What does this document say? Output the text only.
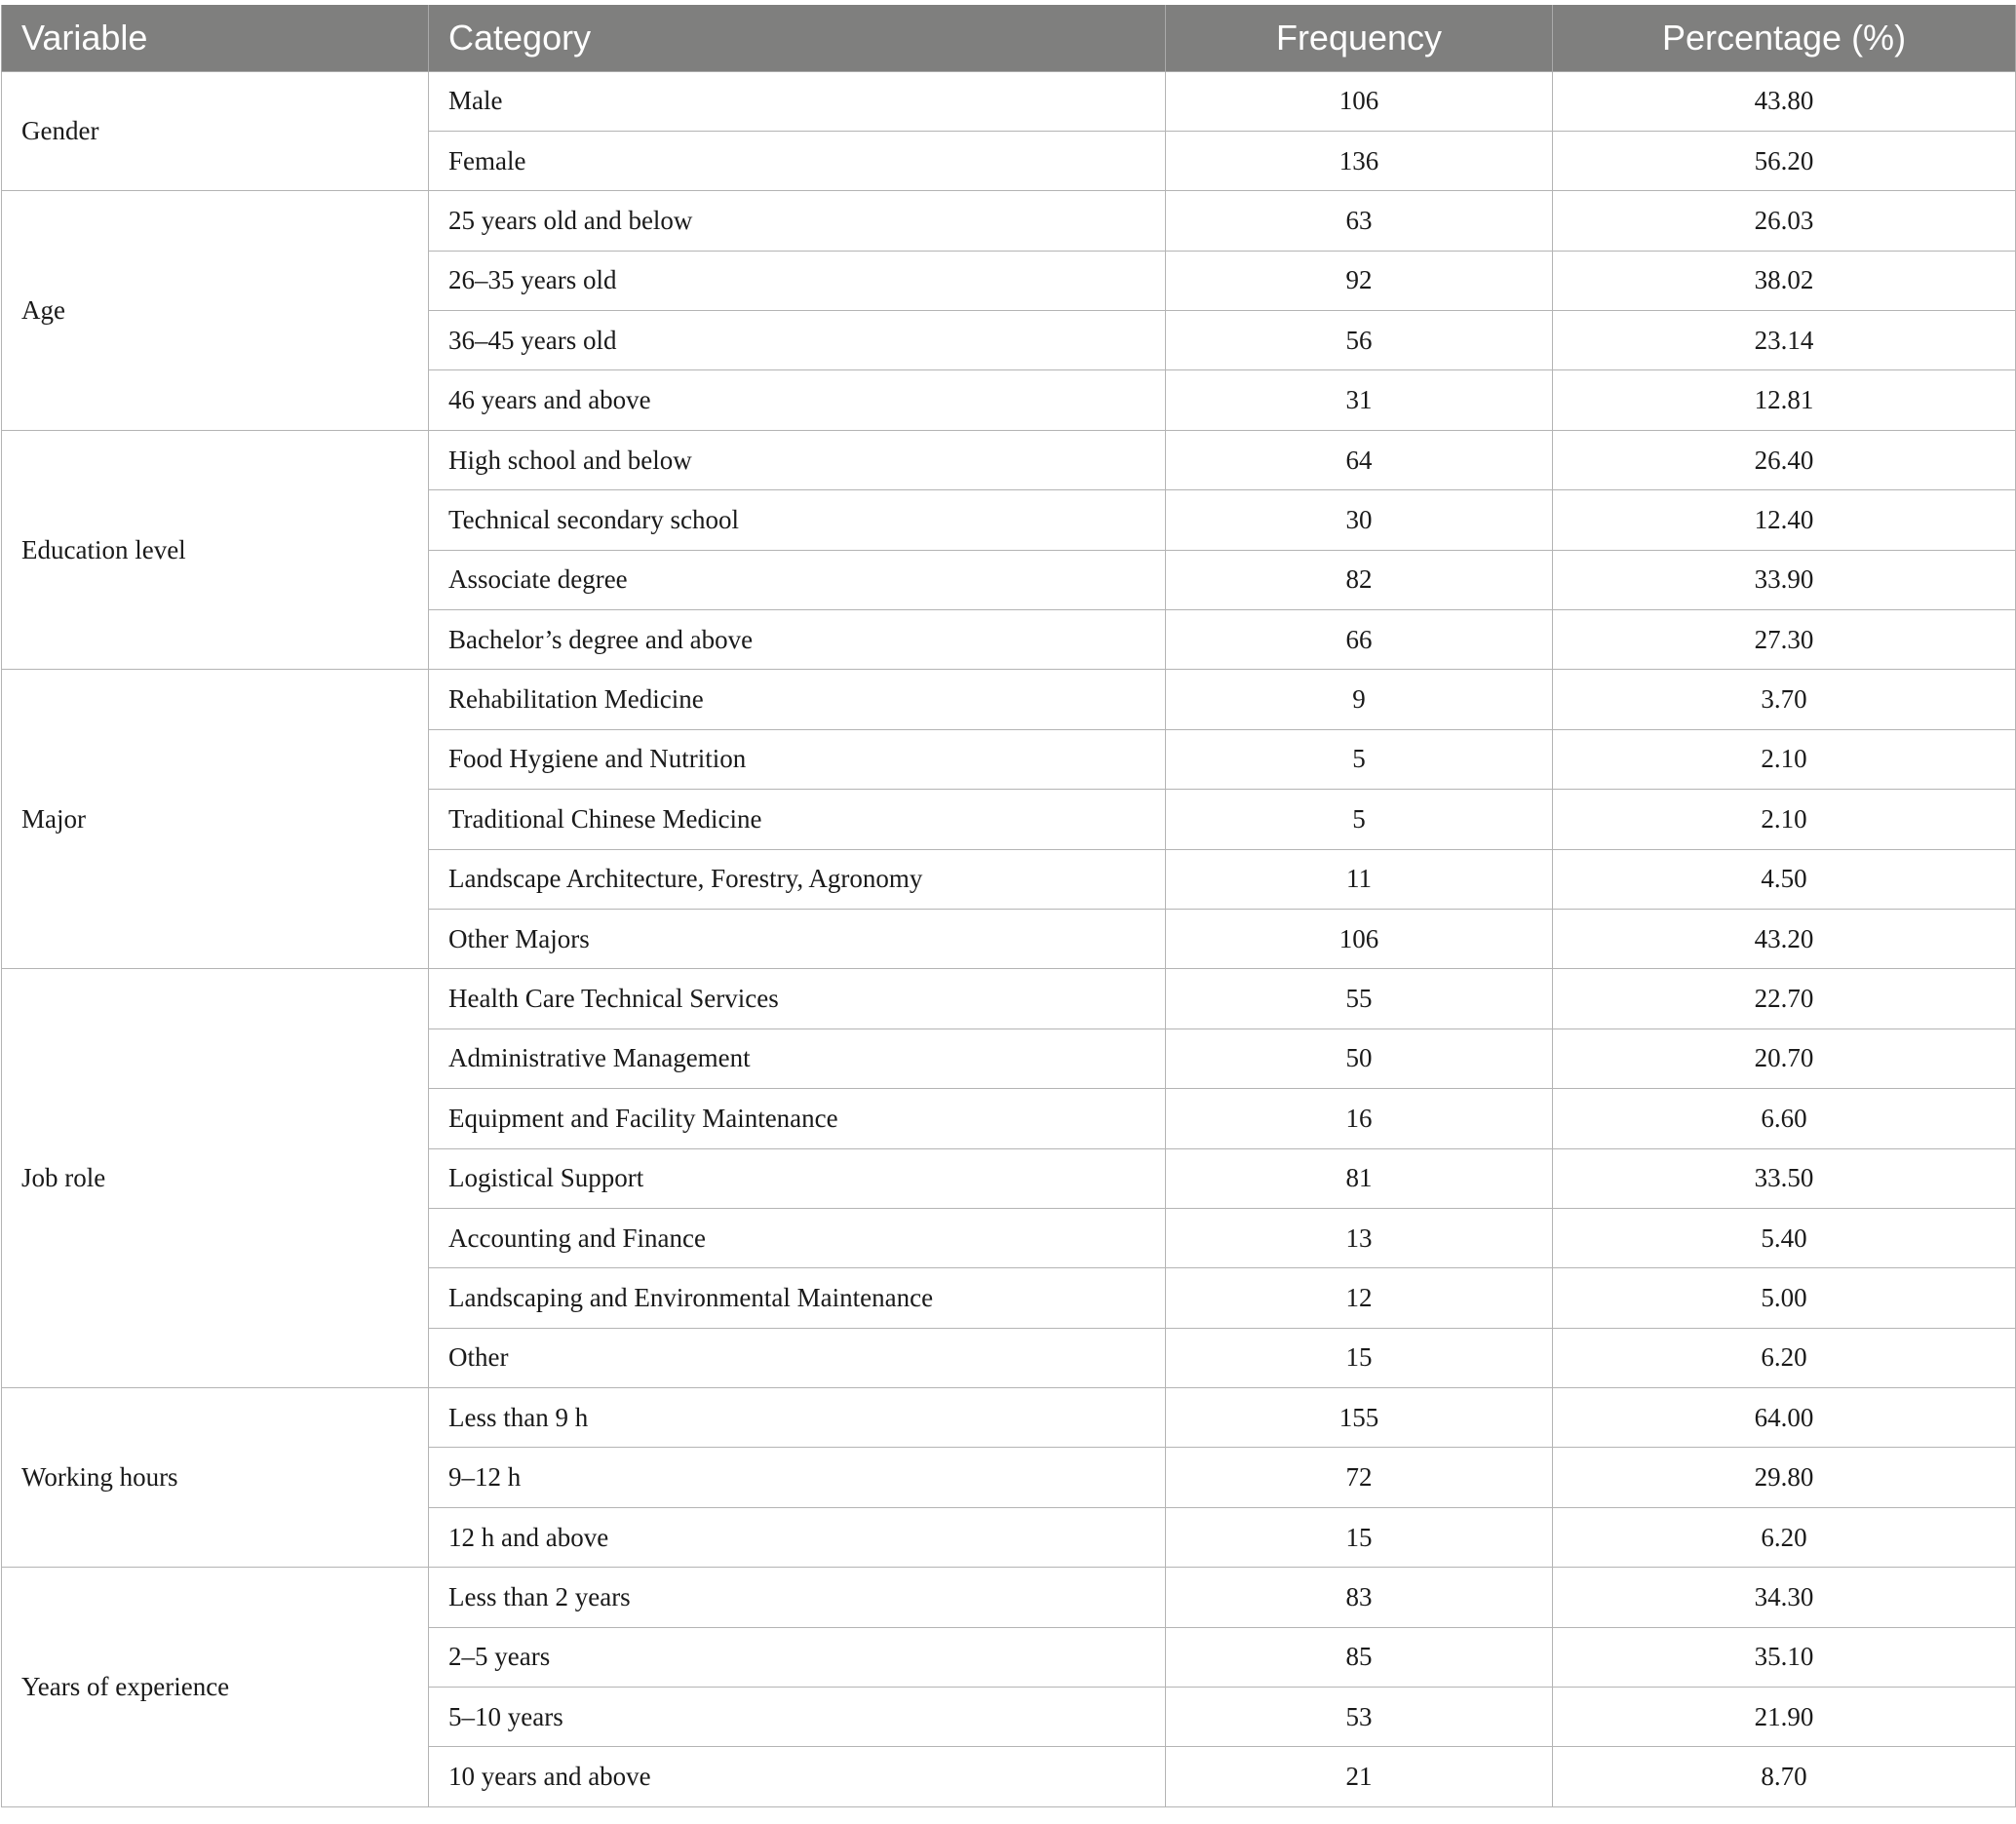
Variable	Category	Frequency	Percentage (%)
Gender	Male	106	43.80
	Female	136	56.20
Age	25 years old and below	63	26.03
	26–35 years old	92	38.02
	36–45 years old	56	23.14
	46 years and above	31	12.81
Education level	High school and below	64	26.40
	Technical secondary school	30	12.40
	Associate degree	82	33.90
	Bachelor’s degree and above	66	27.30
Major	Rehabilitation Medicine	9	3.70
	Food Hygiene and Nutrition	5	2.10
	Traditional Chinese Medicine	5	2.10
	Landscape Architecture, Forestry, Agronomy	11	4.50
	Other Majors	106	43.20
Job role	Health Care Technical Services	55	22.70
	Administrative Management	50	20.70
	Equipment and Facility Maintenance	16	6.60
	Logistical Support	81	33.50
	Accounting and Finance	13	5.40
	Landscaping and Environmental Maintenance	12	5.00
	Other	15	6.20
Working hours	Less than 9 h	155	64.00
	9–12 h	72	29.80
	12 h and above	15	6.20
Years of experience	Less than 2 years	83	34.30
	2–5 years	85	35.10
	5–10 years	53	21.90
	10 years and above	21	8.70
